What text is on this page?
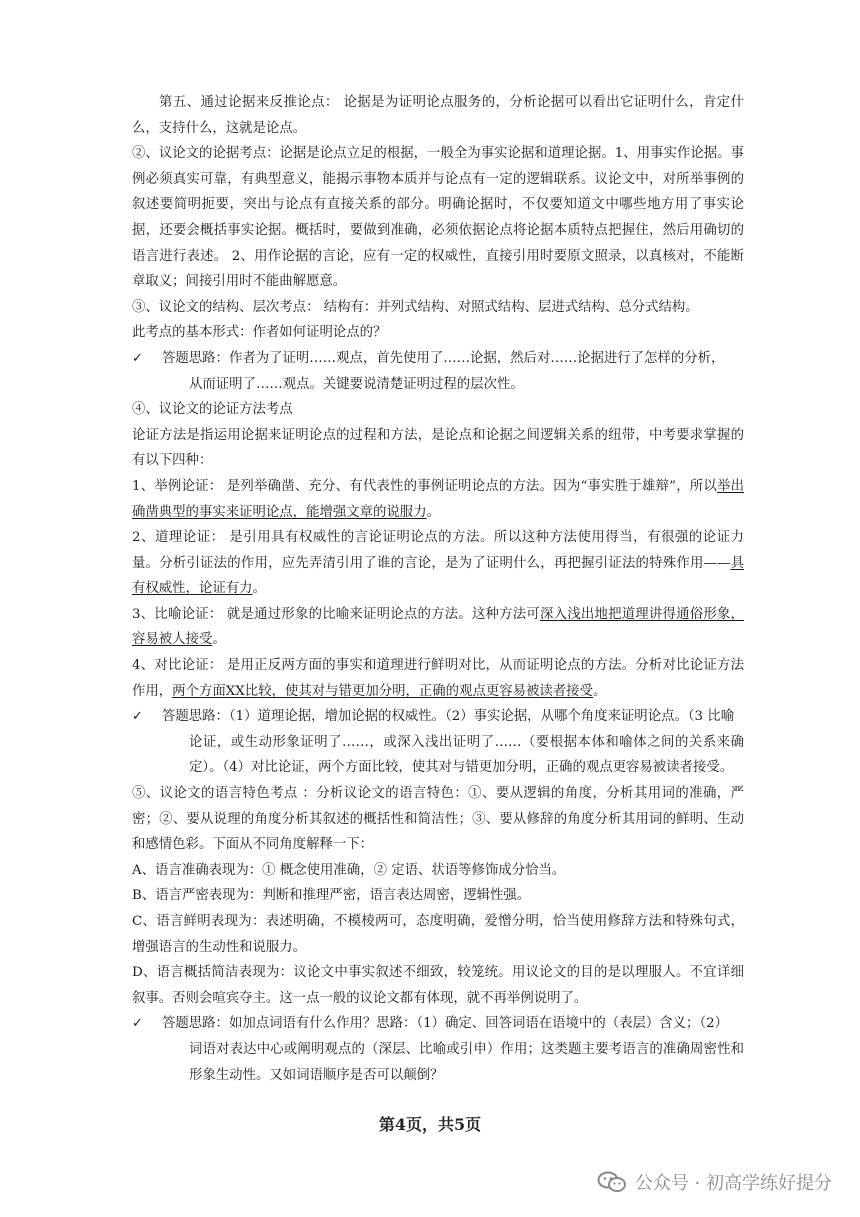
第五、通过论据来反推论点： 论据是为证明论点服务的，分析论据可以看出它证明什么，肯定什么，支持什么，这就是论点。

②、议论文的论据考点：论据是论点立足的根据，一般全为事实论据和道理论据。1、用事实作论据。事例必须真实可靠，有典型意义，能揭示事物本质并与论点有一定的逻辑联系。议论文中，对所举事例的叙述要简明扼要，突出与论点有直接关系的部分。明确论据时，不仅要知道文中哪些地方用了事实论据，还要会概括事实论据。概括时，要做到准确，必须依据论点将论据本质特点把握住，然后用确切的语言进行表述。 2、用作论据的言论，应有一定的权威性，直接引用时要原文照录，以真核对，不能断章取义；间接引用时不能曲解愿意。

③、议论文的结构、层次考点： 结构有：并列式结构、对照式结构、层进式结构、总分式结构。

此考点的基本形式：作者如何证明论点的？

✓	答题思路：作者为了证明……观点，首先使用了……论据，然后对……论据进行了怎样的分析，
从而证明了……观点。关键要说清楚证明过程的层次性。

④、议论文的论证方法考点

论证方法是指运用论据来证明论点的过程和方法，是论点和论据之间逻辑关系的纽带，中考要求掌握的有以下四种：

1、举例论证： 是列举确凿、充分、有代表性的事例证明论点的方法。因为“事实胜于雄辩”，所以举出确凿典型的事实来证明论点，能增强文章的说服力。

2、道理论证： 是引用具有权威性的言论证明论点的方法。所以这种方法使用得当，有很强的论证力量。分析引证法的作用，应先弄清引用了谁的言论，是为了证明什么，再把握引证法的特殊作用——具有权威性，论证有力。

3、比喻论证： 就是通过形象的比喻来证明论点的方法。这种方法可深入浅出地把道理讲得通俗形象，容易被人接受。

4、对比论证： 是用正反两方面的事实和道理进行鲜明对比，从而证明论点的方法。分析对比论证方法作用，两个方面XX比较，使其对与错更加分明，正确的观点更容易被读者接受。

✓	答题思路：（1）道理论据，增加论据的权威性。（2）事实论据，从哪个角度来证明论点。（3 比喻
论证，或生动形象证明了……，或深入浅出证明了……（要根据本体和喻体之间的关系来确定）。（4）对比论证，两个方面比较，使其对与错更加分明，正确的观点更容易被读者接受。

⑤、议论文的语言特色考点 ：分析议论文的语言特色：①、要从逻辑的角度，分析其用词的准确，严密；②、要从说理的角度分析其叙述的概括性和简洁性；③、要从修辞的角度分析其用词的鲜明、生动和感情色彩。下面从不同角度解释一下：

A、语言准确表现为：① 概念使用准确，② 定语、状语等修饰成分恰当。

B、语言严密表现为：判断和推理严密，语言表达周密，逻辑性强。

C、语言鲜明表现为：表述明确，不模棱两可，态度明确，爱憎分明，恰当使用修辞方法和特殊句式，增强语言的生动性和说服力。

D、语言概括简洁表现为：议论文中事实叙述不细致，较笼统。用议论文的目的是以理服人。不宜详细叙事。否则会喧宾夺主。这一点一般的议论文都有体现，就不再举例说明了。

✓	答题思路：如加点词语有什么作用？思路：（1）确定、回答词语在语境中的（表层）含义；（2）
词语对表达中心或阐明观点的（深层、比喻或引申）作用；这类题主要考语言的准确周密性和形象生动性。又如词语顺序是否可以颠倒？

第4页，共5页
公众号 · 初高学练好提分
